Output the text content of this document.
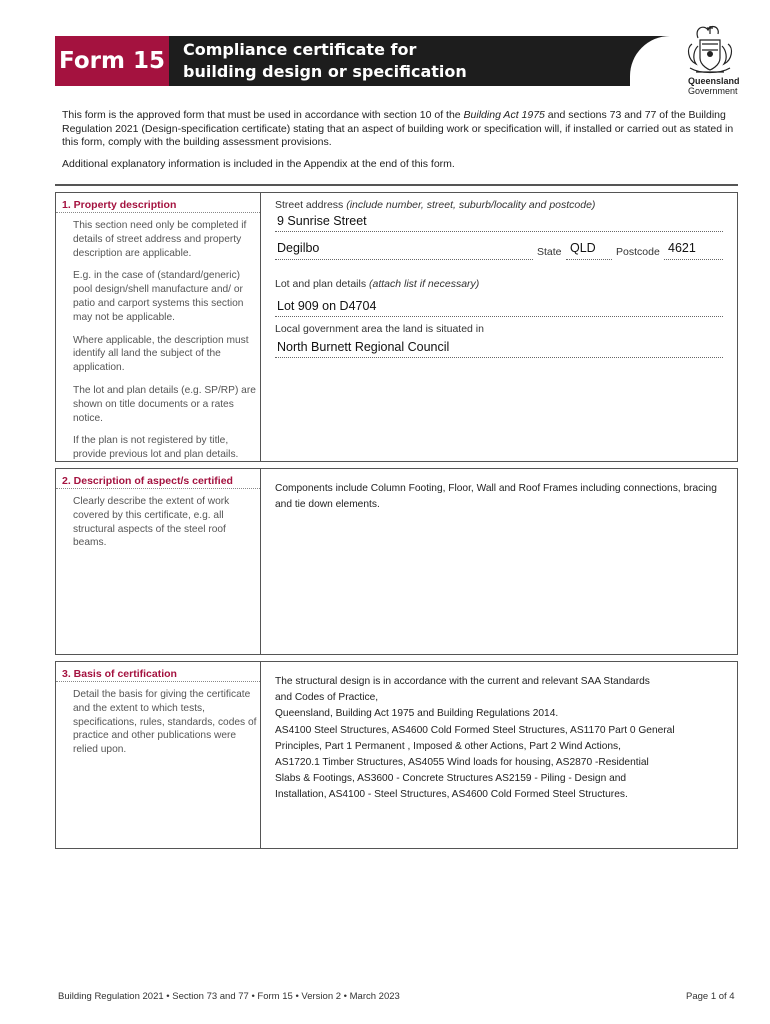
Form 15 Compliance certificate for
building design or specification	Queensland
Government

This form is the approved form that must be used in accordance with section 10 of the Building Act 1975 and sections 73 and 77 of the Building Regulation 2021 (Design-specification certificate) stating that an aspect of building work or specification will, if installed or carried out as stated in this form, comply with the building assessment provisions.

Additional explanatory information is included in the Appendix at the end of this form.

1. Property description

This section need only be completed if details of street address and property description are applicable.

E.g. in the case of (standard/generic) pool design/shell manufacture and/ or patio and carport systems this section may not be applicable.

Where applicable, the description must identify all land the subject of the application.

The lot and plan details (e.g. SP/RP) are shown on title documents or a rates notice.

If the plan is not registered by title, provide previous lot and plan details.

Street address (include number, street, suburb/locality and postcode)
9 Sunrise Street
Degilbo	State QLD Postcode 4621
Lot and plan details (attach list if necessary)
Lot 909 on D4704
Local government area the land is situated in
North Burnett Regional Council
2. Description of aspect/s certified

Clearly describe the extent of work covered by this certificate, e.g. all structural aspects of the steel roof beams.

Components include Column Footing, Floor, Wall and Roof Frames including connections, bracing and tie down elements.
3. Basis of certification

Detail the basis for giving the certificate and the extent to which tests, specifications, rules, standards, codes of practice and other publications were relied upon.

The structural design is in accordance with the current and relevant SAA Standards
and Codes of Practice,
Queensland, Building Act 1975 and Building Regulations 2014.
AS4100 Steel Structures, AS4600 Cold Formed Steel Structures, AS1170 Part 0 General
Principles, Part 1 Permanent , Imposed & other Actions, Part 2 Wind Actions,
AS1720.1 Timber Structures, AS4055 Wind loads for housing, AS2870 -Residential
Slabs & Footings, AS3600 - Concrete Structures AS2159 - Piling - Design and
Installation, AS4100 - Steel Structures, AS4600 Cold Formed Steel Structures.
Building Regulation 2021 • Section 73 and 77 • Form 15 • Version 2 • March 2023	Page 1 of 4
